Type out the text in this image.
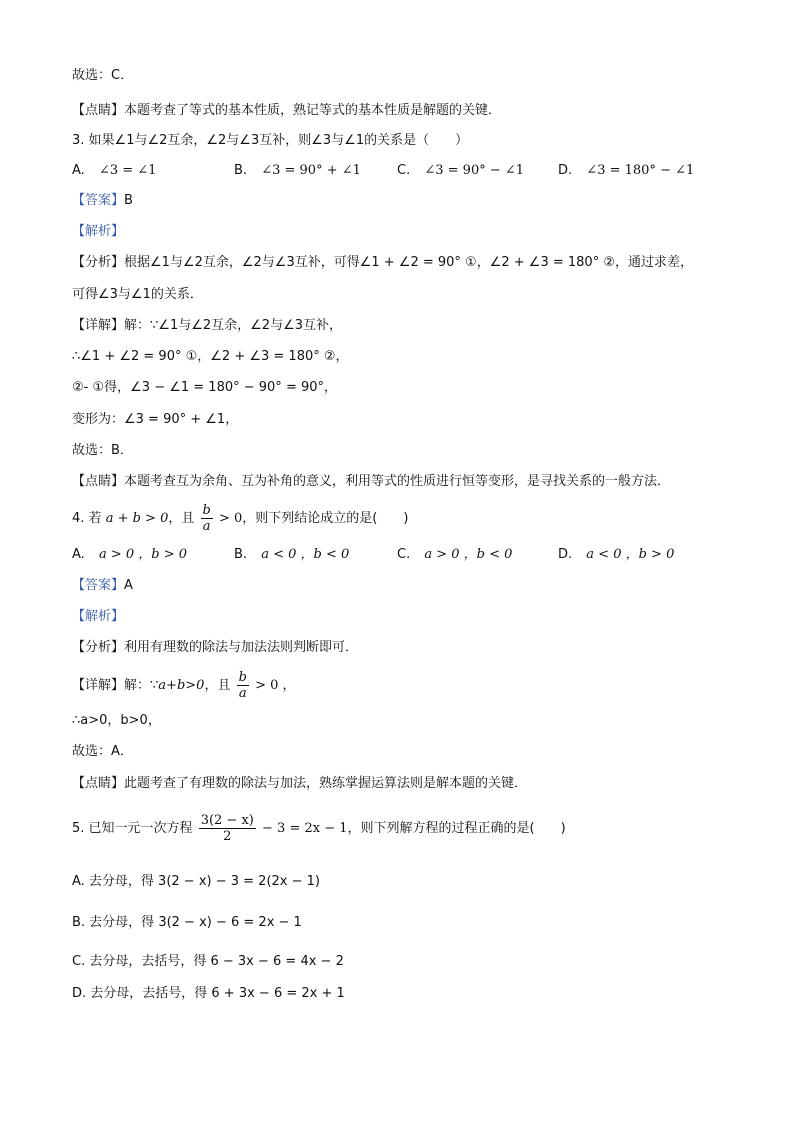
故选：C．
【点睛】本题考查了等式的基本性质，熟记等式的基本性质是解题的关键．
3. 如果∠1与∠2互余，∠2与∠3互补，则∠3与∠1的关系是（　　）
A. ∠3 = ∠1	B. ∠3 = 90° + ∠1	C. ∠3 = 90° − ∠1	D. ∠3 = 180° − ∠1
【答案】B
【解析】
【分析】根据∠1与∠2互余，∠2与∠3互补，可得∠1 + ∠2 = 90° ①，∠2 + ∠3 = 180° ②，通过求差，
可得∠3与∠1的关系．
【详解】解：∵∠1与∠2互余，∠2与∠3互补，
∴∠1 + ∠2 = 90° ①，∠2 + ∠3 = 180° ②，
②- ①得，∠3 − ∠1 = 180° − 90° = 90°，
变形为：∠3 = 90° + ∠1，
故选：B．
【点睛】本题考查互为余角、互为补角的意义，利用等式的性质进行恒等变形，是寻找关系的一般方法．
4. 若 a + b > 0，且 $\frac{b}{a} > 0$，则下列结论成立的是(　　)
A. a > 0 ，b > 0	B. a < 0 ，b < 0	C. a > 0 ，b < 0	D. a < 0 ，b > 0
【答案】A
【解析】
【分析】利用有理数的除法与加法法则判断即可．
【详解】解：∵a+b>0，且 $\frac{b}{a} > 0$ ，
∴a>0，b>0，
故选：A．
【点睛】此题考查了有理数的除法与加法，熟练掌握运算法则是解本题的关键．
5. 已知一元一次方程 $\frac{3(2 - x)}{2} - 3 = 2x - 1$，则下列解方程的过程正确的是(　　)
A. 去分母，得 3(2 − x) − 3 = 2(2x − 1)
B. 去分母，得 3(2 − x) − 6 = 2x − 1
C. 去分母，去括号，得 6 − 3x − 6 = 4x − 2
D. 去分母，去括号，得 6 + 3x − 6 = 2x + 1
